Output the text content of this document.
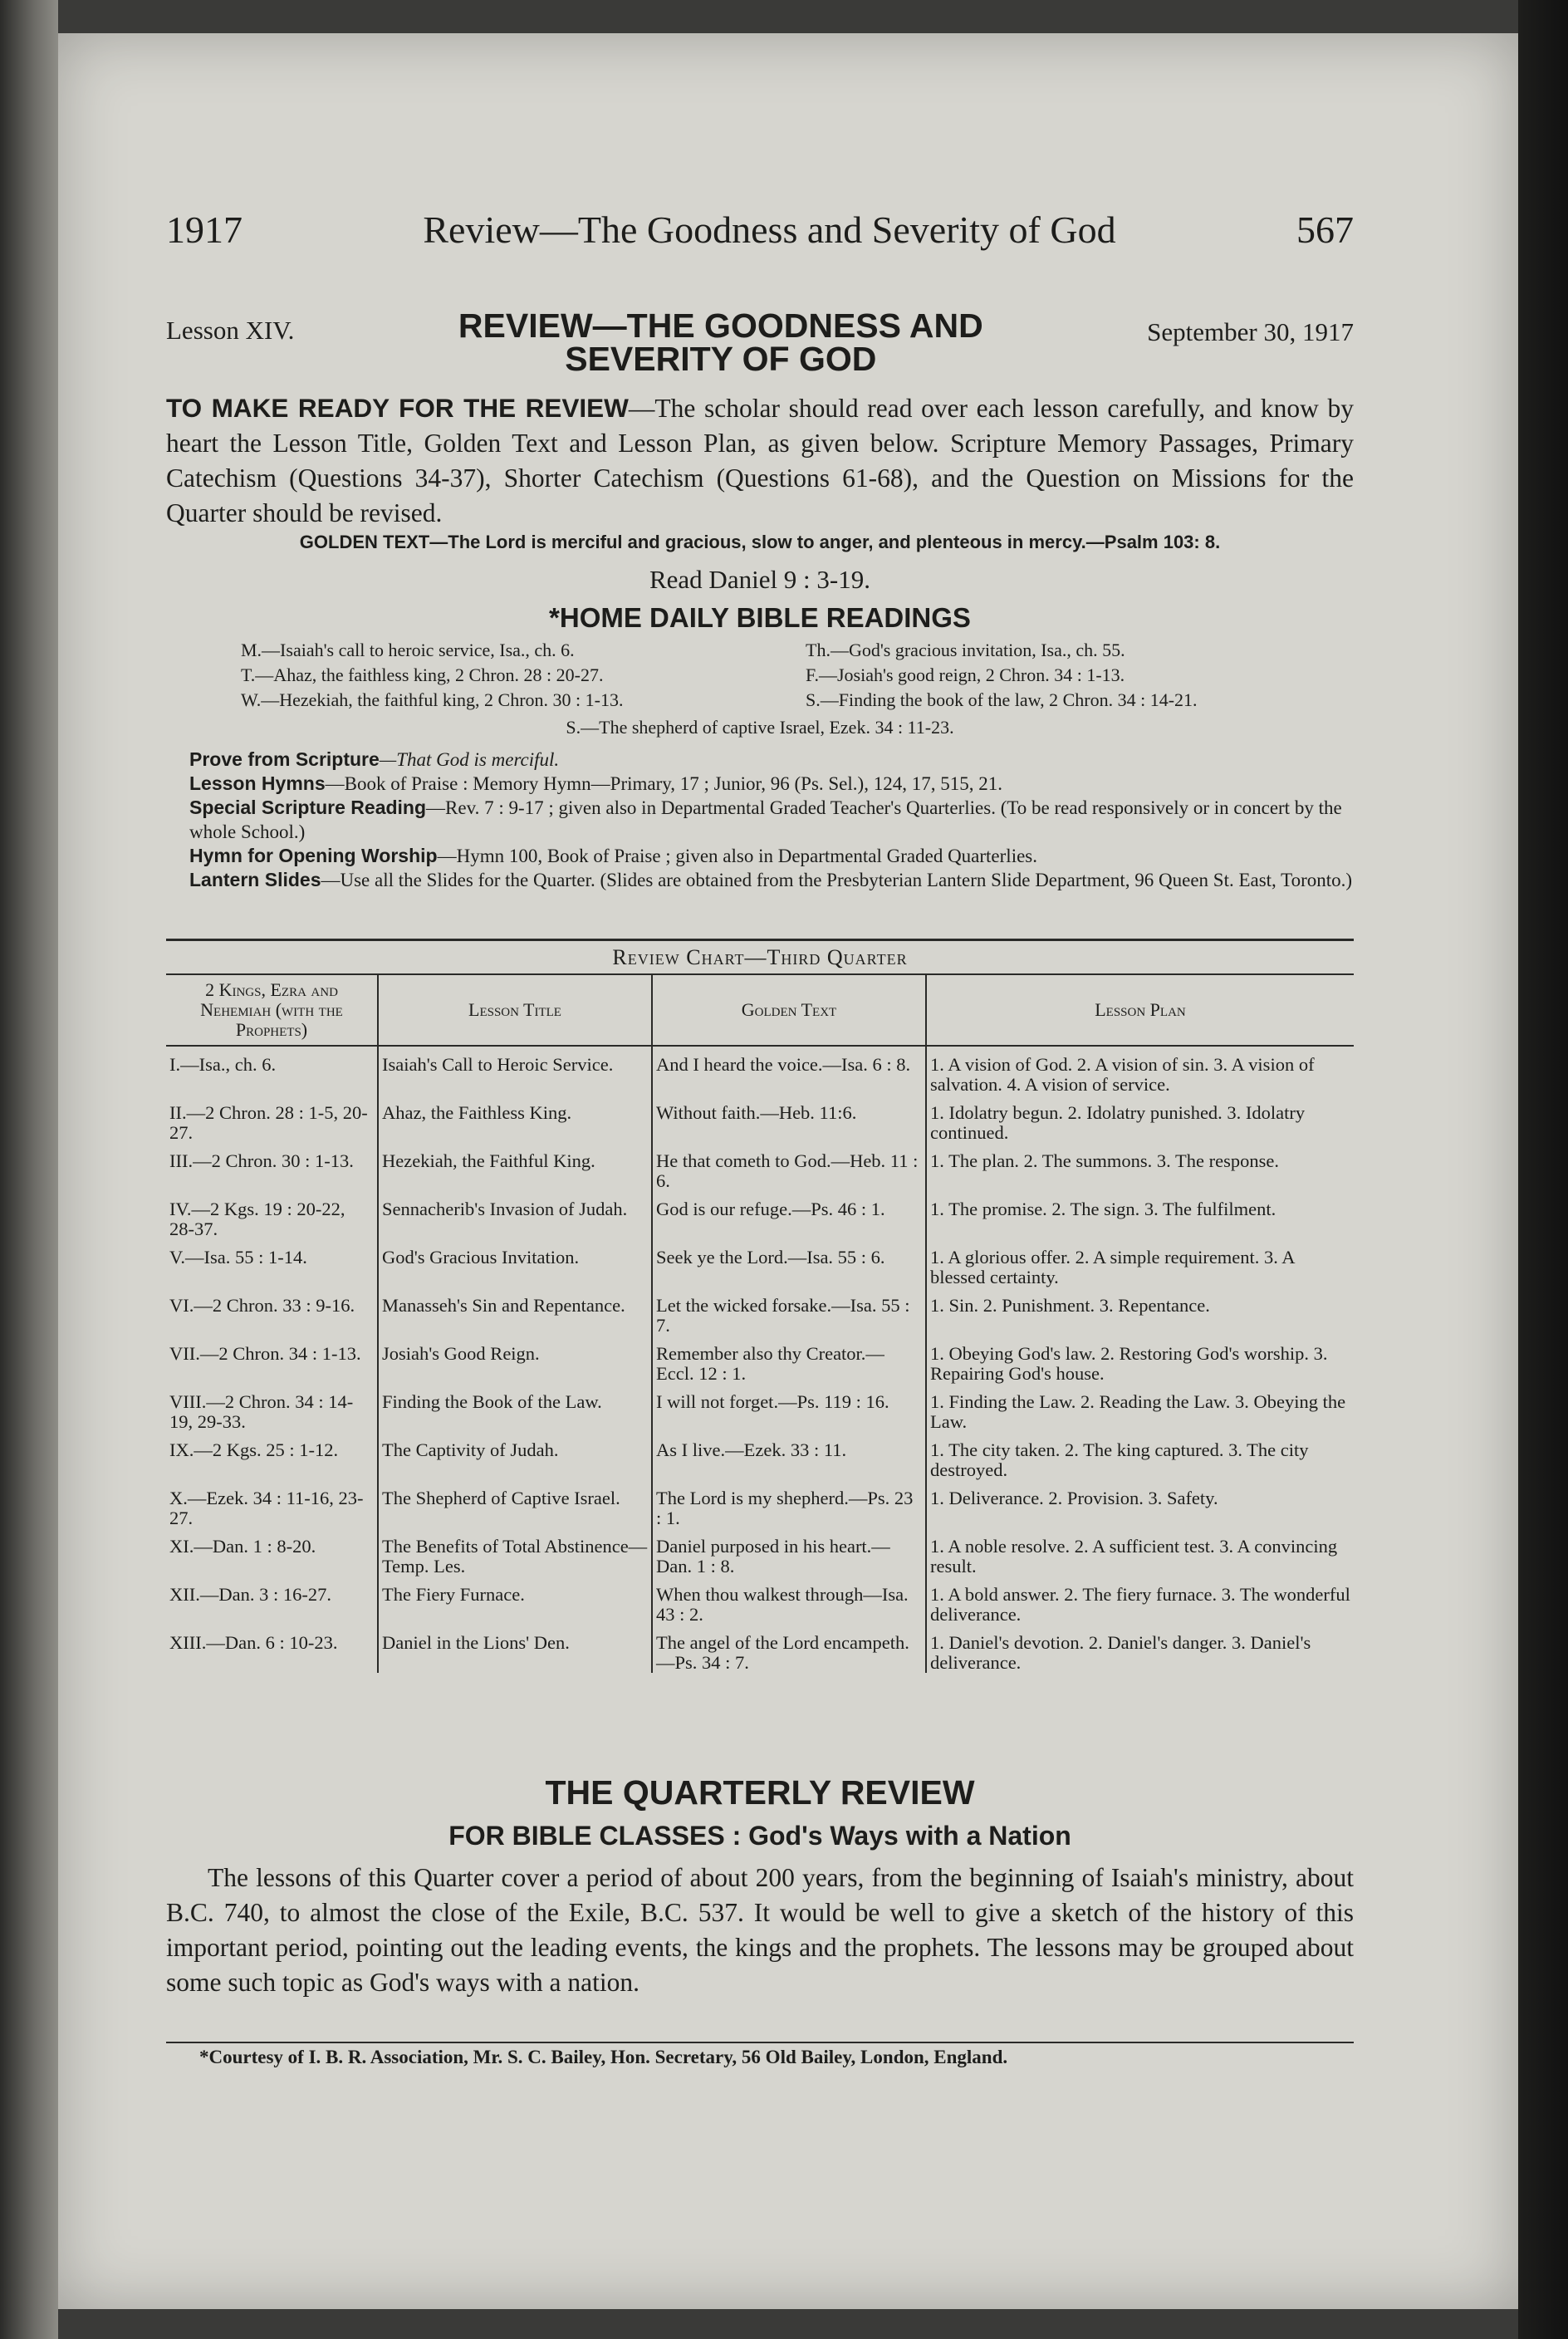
1917	Review—The Goodness and Severity of God	567
Lesson XIV.	REVIEW—THE GOODNESS AND
SEVERITY OF GOD
September 30, 1917
TO MAKE READY FOR THE REVIEW—The scholar should read over each lesson carefully, and know by heart the Lesson Title, Golden Text and Lesson Plan, as given below. Scripture Memory Passages, Primary Catechism (Questions 34-37), Shorter Catechism (Questions 61-68), and the Question on Missions for the Quarter should be revised.
GOLDEN TEXT—The Lord is merciful and gracious, slow to anger, and plenteous in mercy.—Psalm 103: 8.
Read Daniel 9 : 3-19.
*HOME DAILY BIBLE READINGS
M.—Isaiah's call to heroic service, Isa., ch. 6.
T.—Ahaz, the faithless king, 2 Chron. 28 : 20-27.
W.—Hezekiah, the faithful king, 2 Chron. 30 : 1-13.
Th.—God's gracious invitation, Isa., ch. 55.
F.—Josiah's good reign, 2 Chron. 34 : 1-13.
S.—Finding the book of the law, 2 Chron. 34 : 14-21.
S.—The shepherd of captive Israel, Ezek. 34 : 11-23.
Prove from Scripture—That God is merciful.
Lesson Hymns—Book of Praise : Memory Hymn—Primary, 17 ; Junior, 96 (Ps. Sel.), 124, 17, 515, 21.
Special Scripture Reading—Rev. 7 : 9-17 ; given also in Departmental Graded Teacher's Quarterlies. (To be read responsively or in concert by the whole School.)
Hymn for Opening Worship—Hymn 100, Book of Praise ; given also in Departmental Graded Quarterlies.
Lantern Slides—Use all the Slides for the Quarter. (Slides are obtained from the Presbyterian Lantern Slide Department, 96 Queen St. East, Toronto.)
Review Chart—Third Quarter
2 Kings, Ezra and Nehemiah (with the Prophets)	Lesson Title	Golden Text	Lesson Plan
I.—Isa., ch. 6.	Isaiah's Call to Heroic Service.	And I heard the voice.—Isa. 6 : 8.	1. A vision of God. 2. A vision of sin. 3. A vision of salvation. 4. A vision of service.
II.—2 Chron. 28 : 1-5, 20-27.	Ahaz, the Faithless King.	Without faith.—Heb. 11:6.	1. Idolatry begun. 2. Idolatry punished. 3. Idolatry continued.
III.—2 Chron. 30 : 1-13.	Hezekiah, the Faithful King.	He that cometh to God.—Heb. 11 : 6.	1. The plan. 2. The summons. 3. The response.
IV.—2 Kgs. 19 : 20-22, 28-37.	Sennacherib's Invasion of Judah.	God is our refuge.—Ps. 46 : 1.	1. The promise. 2. The sign. 3. The fulfilment.
V.—Isa. 55 : 1-14.	God's Gracious Invitation.	Seek ye the Lord.—Isa. 55 : 6.	1. A glorious offer. 2. A simple requirement. 3. A blessed certainty.
VI.—2 Chron. 33 : 9-16.	Manasseh's Sin and Repentance.	Let the wicked forsake.—Isa. 55 : 7.	1. Sin. 2. Punishment. 3. Repentance.
VII.—2 Chron. 34 : 1-13.	Josiah's Good Reign.	Remember also thy Creator.—Eccl. 12 : 1.	1. Obeying God's law. 2. Restoring God's worship. 3. Repairing God's house.
VIII.—2 Chron. 34 : 14-19, 29-33.	Finding the Book of the Law.	I will not forget.—Ps. 119 : 16.	1. Finding the Law. 2. Reading the Law. 3. Obeying the Law.
IX.—2 Kgs. 25 : 1-12.	The Captivity of Judah.	As I live.—Ezek. 33 : 11.	1. The city taken. 2. The king captured. 3. The city destroyed.
X.—Ezek. 34 : 11-16, 23-27.	The Shepherd of Captive Israel.	The Lord is my shepherd.—Ps. 23 : 1.	1. Deliverance. 2. Provision. 3. Safety.
XI.—Dan. 1 : 8-20.	The Benefits of Total Abstinence—Temp. Les.	Daniel purposed in his heart.—Dan. 1 : 8.	1. A noble resolve. 2. A sufficient test. 3. A convincing result.
XII.—Dan. 3 : 16-27.	The Fiery Furnace.	When thou walkest through—Isa. 43 : 2.	1. A bold answer. 2. The fiery furnace. 3. The wonderful deliverance.
XIII.—Dan. 6 : 10-23.	Daniel in the Lions' Den.	The angel of the Lord encampeth.—Ps. 34 : 7.	1. Daniel's devotion. 2. Daniel's danger. 3. Daniel's deliverance.
THE QUARTERLY REVIEW
FOR BIBLE CLASSES : God's Ways with a Nation
The lessons of this Quarter cover a period of about 200 years, from the beginning of Isaiah's ministry, about B.C. 740, to almost the close of the Exile, B.C. 537. It would be well to give a sketch of the history of this important period, pointing out the leading events, the kings and the prophets. The lessons may be grouped about some such topic as God's ways with a nation.
*Courtesy of I. B. R. Association, Mr. S. C. Bailey, Hon. Secretary, 56 Old Bailey, London, England.
